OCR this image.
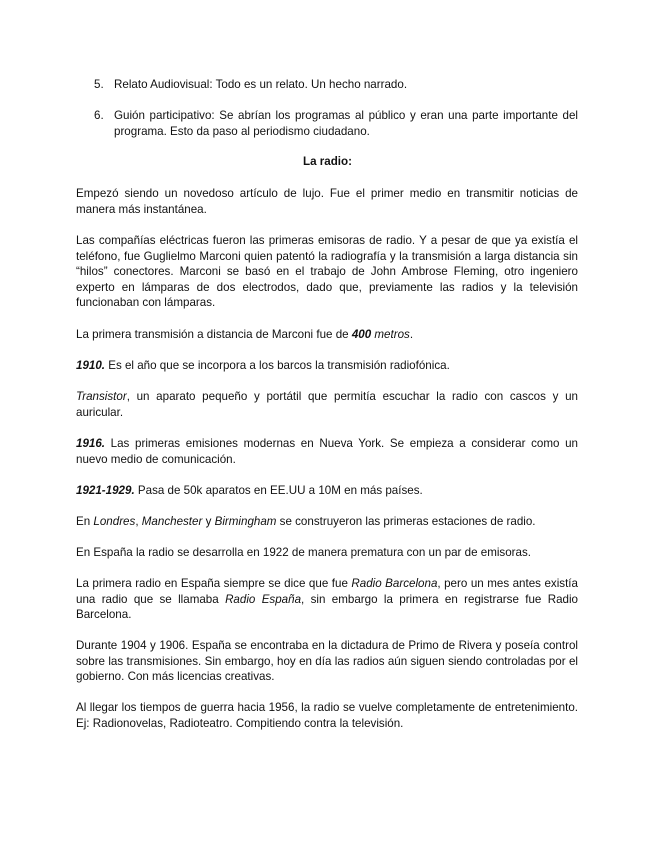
5. Relato Audiovisual: Todo es un relato. Un hecho narrado.
6. Guión participativo: Se abrían los programas al público y eran una parte importante del programa. Esto da paso al periodismo ciudadano.
La radio:

Empezó siendo un novedoso artículo de lujo. Fue el primer medio en transmitir noticias de manera más instantánea.

Las compañías eléctricas fueron las primeras emisoras de radio. Y a pesar de que ya existía el teléfono, fue Guglielmo Marconi quien patentó la radiografía y la transmisión a larga distancia sin “hilos” conectores. Marconi se basó en el trabajo de John Ambrose Fleming, otro ingeniero experto en lámparas de dos electrodos, dado que, previamente las radios y la televisión funcionaban con lámparas.

La primera transmisión a distancia de Marconi fue de 400 metros.

1910. Es el año que se incorpora a los barcos la transmisión radiofónica.

Transistor, un aparato pequeño y portátil que permitía escuchar la radio con cascos y un auricular.

1916. Las primeras emisiones modernas en Nueva York. Se empieza a considerar como un nuevo medio de comunicación.

1921-1929. Pasa de 50k aparatos en EE.UU a 10M en más países.

En Londres, Manchester y Birmingham se construyeron las primeras estaciones de radio.

En España la radio se desarrolla en 1922 de manera prematura con un par de emisoras.

La primera radio en España siempre se dice que fue Radio Barcelona, pero un mes antes existía una radio que se llamaba Radio España, sin embargo la primera en registrarse fue Radio Barcelona.

Durante 1904 y 1906. España se encontraba en la dictadura de Primo de Rivera y poseía control sobre las transmisiones. Sin embargo, hoy en día las radios aún siguen siendo controladas por el gobierno. Con más licencias creativas.

Al llegar los tiempos de guerra hacia 1956, la radio se vuelve completamente de entretenimiento. Ej: Radionovelas, Radioteatro. Compitiendo contra la televisión.
